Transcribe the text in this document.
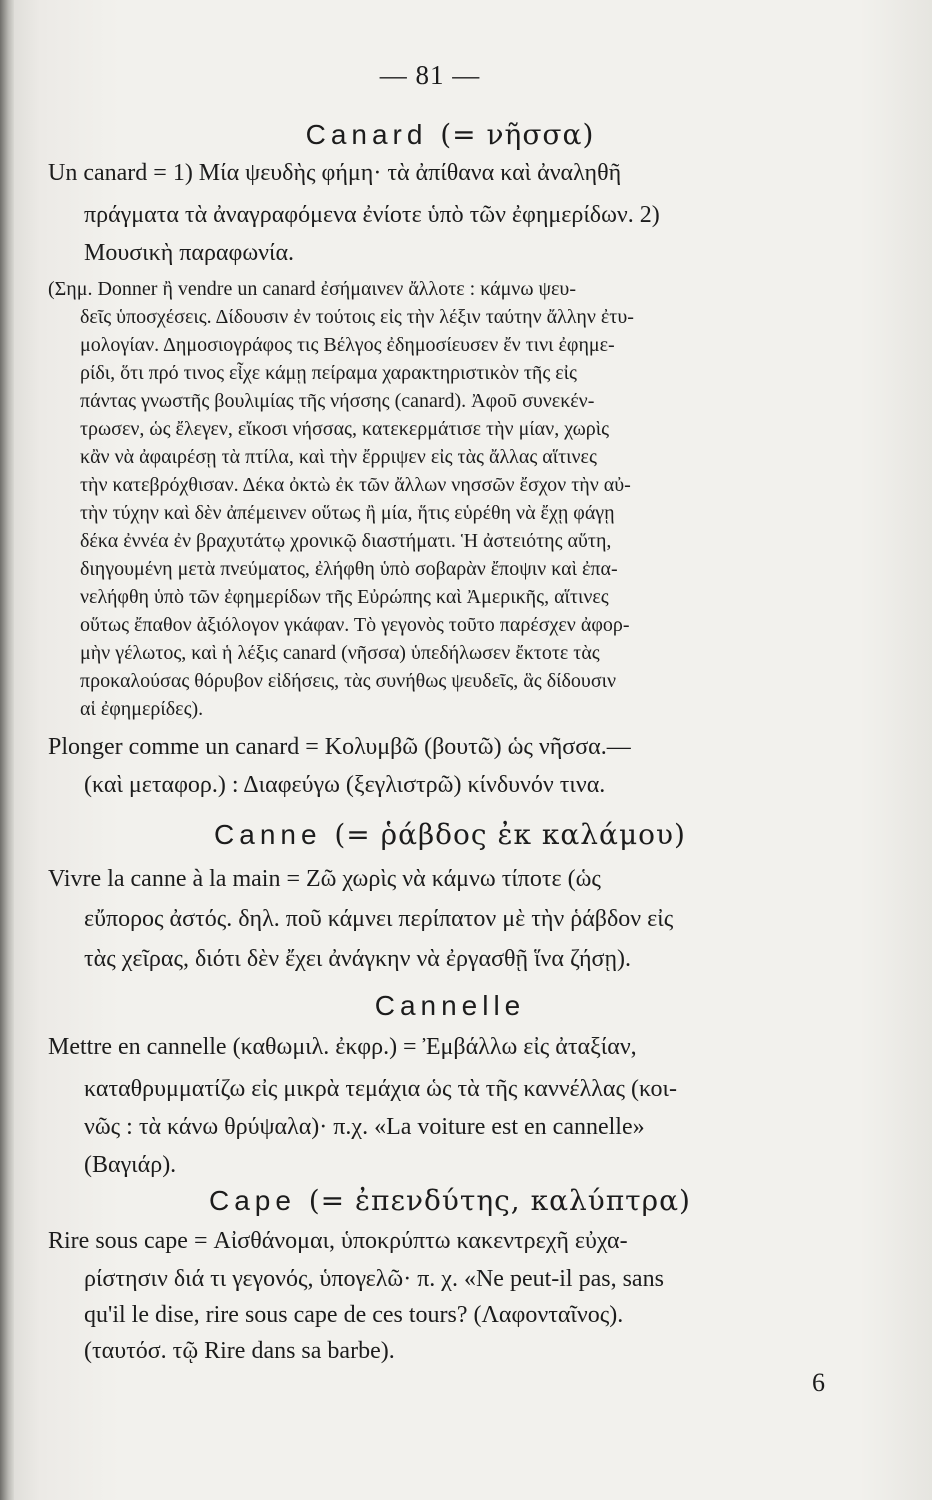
— 81 —
Canard (= νῆσσα)
Un canard = 1) Μία ψευδὴς φήμη· τὰ ἀπίθανα καὶ ἀναληθῆ
πράγματα τὰ ἀναγραφόμενα ἐνίοτε ὑπὸ τῶν ἐφημερίδων. 2)
Μουσικὴ παραφωνία.
(Σημ. Donner ἢ vendre un canard ἐσήμαινεν ἄλλοτε : κάμνω ψευ-
δεῖς ὑποσχέσεις. Δίδουσιν ἐν τούτοις εἰς τὴν λέξιν ταύτην ἄλλην ἐτυ-
μολογίαν. Δημοσιογράφος τις Βέλγος ἐδημοσίευσεν ἔν τινι ἐφημε-
ρίδι, ὅτι πρό τινος εἶχε κάμῃ πείραμα χαρακτηριστικὸν τῆς εἰς
πάντας γνωστῆς βουλιμίας τῆς νήσσης (canard). Ἀφοῦ συνεκέν-
τρωσεν, ὡς ἔλεγεν, εἴκοσι νήσσας, κατεκερμάτισε τὴν μίαν, χωρὶς
κἂν νὰ ἀφαιρέσῃ τὰ πτίλα, καὶ τὴν ἔρριψεν εἰς τὰς ἄλλας αἵτινες
τὴν κατεβρόχθισαν. Δέκα ὀκτὼ ἐκ τῶν ἄλλων νησσῶν ἔσχον τὴν αὐ-
τὴν τύχην καὶ δὲν ἀπέμεινεν οὕτως ἢ μία, ἥτις εὑρέθη νὰ ἔχῃ φάγῃ
δέκα ἐννέα ἐν βραχυτάτῳ χρονικῷ διαστήματι. Ἡ ἀστειότης αὕτη,
διηγουμένη μετὰ πνεύματος, ἐλήφθη ὑπὸ σοβαρὰν ἔποψιν καὶ ἐπα-
νελήφθη ὑπὸ τῶν ἐφημερίδων τῆς Εὐρώπης καὶ Ἀμερικῆς, αἵτινες
οὕτως ἔπαθον ἀξιόλογον γκάφαν. Τὸ γεγονὸς τοῦτο παρέσχεν ἀφορ-
μὴν γέλωτος, καὶ ἡ λέξις canard (νῆσσα) ὑπεδήλωσεν ἔκτοτε τὰς
προκαλούσας θόρυβον εἰδήσεις, τὰς συνήθως ψευδεῖς, ἃς δίδουσιν
αἱ ἐφημερίδες).
Plonger comme un canard = Κολυμβῶ (βουτῶ) ὡς νῆσσα.—
(καὶ μεταφορ.) : Διαφεύγω (ξεγλιστρῶ) κίνδυνόν τινα.
Canne (= ῥάβδος ἐκ καλάμου)
Vivre la canne à la main = Ζῶ χωρὶς νὰ κάμνω τίποτε (ὡς
εὔπορος ἀστός. δηλ. ποῦ κάμνει περίπατον μὲ τὴν ῥάβδον εἰς
τὰς χεῖρας, διότι δὲν ἔχει ἀνάγκην νὰ ἐργασθῇ ἵνα ζήσῃ).
Cannelle
Mettre en cannelle (καθωμιλ. ἐκφρ.) = Ἐμβάλλω εἰς ἀταξίαν,
καταθρυμματίζω εἰς μικρὰ τεμάχια ὡς τὰ τῆς καννέλλας (κοι-
νῶς : τὰ κάνω θρύψαλα)· π.χ. «La voiture est en cannelle»
(Βαγιάρ).
Cape (= ἐπενδύτης, καλύπτρα)
Rire sous cape = Αἰσθάνομαι, ὑποκρύπτω κακεντρεχῆ εὐχα-
ρίστησιν διά τι γεγονός, ὑπογελῶ· π. χ. «Ne peut-il pas, sans
qu'il le dise, rire sous cape de ces tours? (Λαφονταῖνος).
(ταυτόσ. τῷ Rire dans sa barbe).
6
